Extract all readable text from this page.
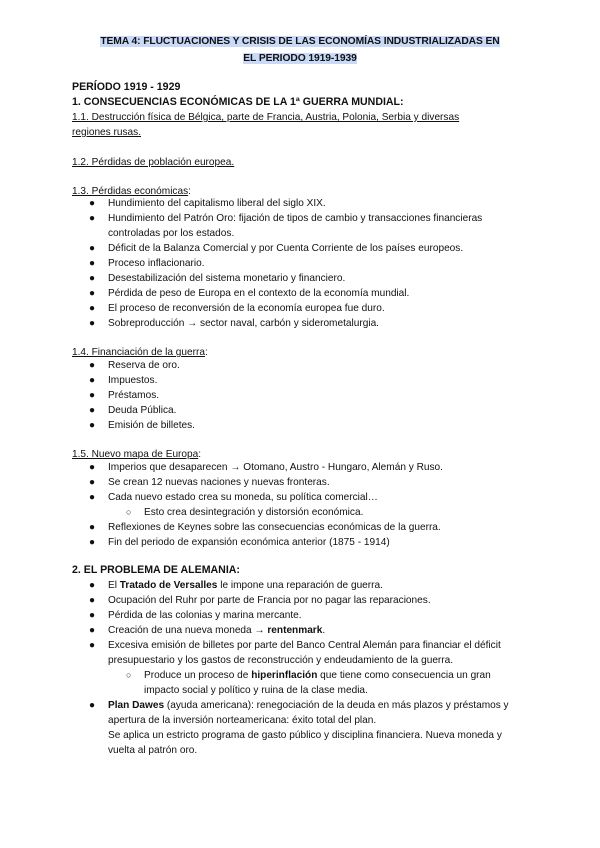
TEMA 4: FLUCTUACIONES Y CRISIS DE LAS ECONOMÍAS INDUSTRIALIZADAS EN
EL PERIODO 1919-1939
PERÍODO 1919 - 1929
1. CONSECUENCIAS ECONÓMICAS DE LA 1ª GUERRA MUNDIAL:
1.1. Destrucción física de Bélgica, parte de Francia, Austria, Polonia, Serbia y diversas
regiones rusas.
1.2. Pérdidas de población europea.
1.3. Pérdidas económicas:
● Hundimiento del capitalismo liberal del siglo XIX.
● Hundimiento del Patrón Oro: fijación de tipos de cambio y transacciones financieras controladas por los estados.
● Déficit de la Balanza Comercial y por Cuenta Corriente de los países europeos.
● Proceso inflacionario.
● Desestabilización del sistema monetario y financiero.
● Pérdida de peso de Europa en el contexto de la economía mundial.
● El proceso de reconversión de la economía europea fue duro.
● Sobreproducción → sector naval, carbón y siderometalurgia.
1.4. Financiación de la guerra:
● Reserva de oro.
● Impuestos.
● Préstamos.
● Deuda Pública.
● Emisión de billetes.
1.5. Nuevo mapa de Europa:
● Imperios que desaparecen → Otomano, Austro - Hungaro, Alemán y Ruso.
● Se crean 12 nuevas naciones y nuevas fronteras.
● Cada nuevo estado crea su moneda, su política comercial…
○ Esto crea desintegración y distorsión económica.
● Reflexiones de Keynes sobre las consecuencias económicas de la guerra.
● Fin del periodo de expansión económica anterior (1875 - 1914)
2. EL PROBLEMA DE ALEMANIA:
● El Tratado de Versalles le impone una reparación de guerra.
● Ocupación del Ruhr por parte de Francia por no pagar las reparaciones.
● Pérdida de las colonias y marina mercante.
● Creación de una nueva moneda → rentenmark.
● Excesiva emisión de billetes por parte del Banco Central Alemán para financiar el déficit presupuestario y los gastos de reconstrucción y endeudamiento de la guerra.
○ Produce un proceso de hiperinflación que tiene como consecuencia un gran impacto social y político y ruina de la clase media.
● Plan Dawes (ayuda americana): renegociación de la deuda en más plazos y préstamos y apertura de la inversión norteamericana: éxito total del plan.
Se aplica un estricto programa de gasto público y disciplina financiera. Nueva moneda y vuelta al patrón oro.
